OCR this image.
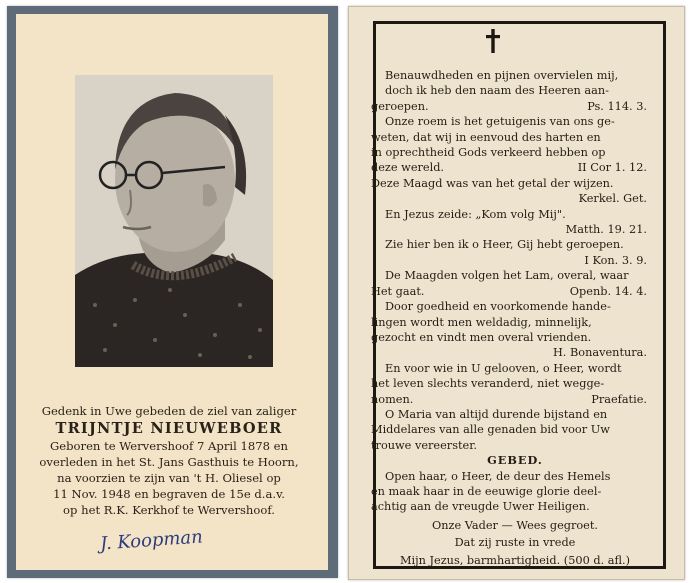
Gedenk in Uwe gebeden de ziel van zaliger
TRIJNTJE NIEUWEBOER
Geboren te Wervershoof 7 April 1878 en
overleden in het St. Jans Gasthuis te Hoorn,
na voorzien te zijn van 't H. Oliesel op
11 Nov. 1948 en begraven de 15e d.a.v.
op het R.K. Kerkhof te Wervershoof.
J. Koopman

Benauwdheden en pijnen overvielen mij,
doch ik heb den naam des Heeren aan-
geroepen.	Ps. 114. 3.

Onze roem is het getuigenis van ons ge-
weten, dat wij in eenvoud des harten en
in oprechtheid Gods verkeerd hebben op
deze wereld.	II Cor 1. 12.

Deze Maagd was van het getal der wijzen.
Kerkel. Get.

En Jezus zeide: „Kom volg Mij".
Matth. 19. 21.

Zie hier ben ik o Heer, Gij hebt geroepen.
I Kon. 3. 9.

De Maagden volgen het Lam, overal, waar
Het gaat.	Openb. 14. 4.

Door goedheid en voorkomende hande-
lingen wordt men weldadig, minnelijk,
gezocht en vindt men overal vrienden.
H. Bonaventura.

En voor wie in U gelooven, o Heer, wordt
het leven slechts veranderd, niet wegge-
nomen.	Praefatie.

O Maria van altijd durende bijstand en
Middelares van alle genaden bid voor Uw
trouwe vereerster.

GEBED.

Open haar, o Heer, de deur des Hemels
en maak haar in de eeuwige glorie deel-
achtig aan de vreugde Uwer Heiligen.

Onze Vader — Wees gegroet.
Dat zij ruste in vrede
Mijn Jezus, barmhartigheid. (500 d. afl.)
